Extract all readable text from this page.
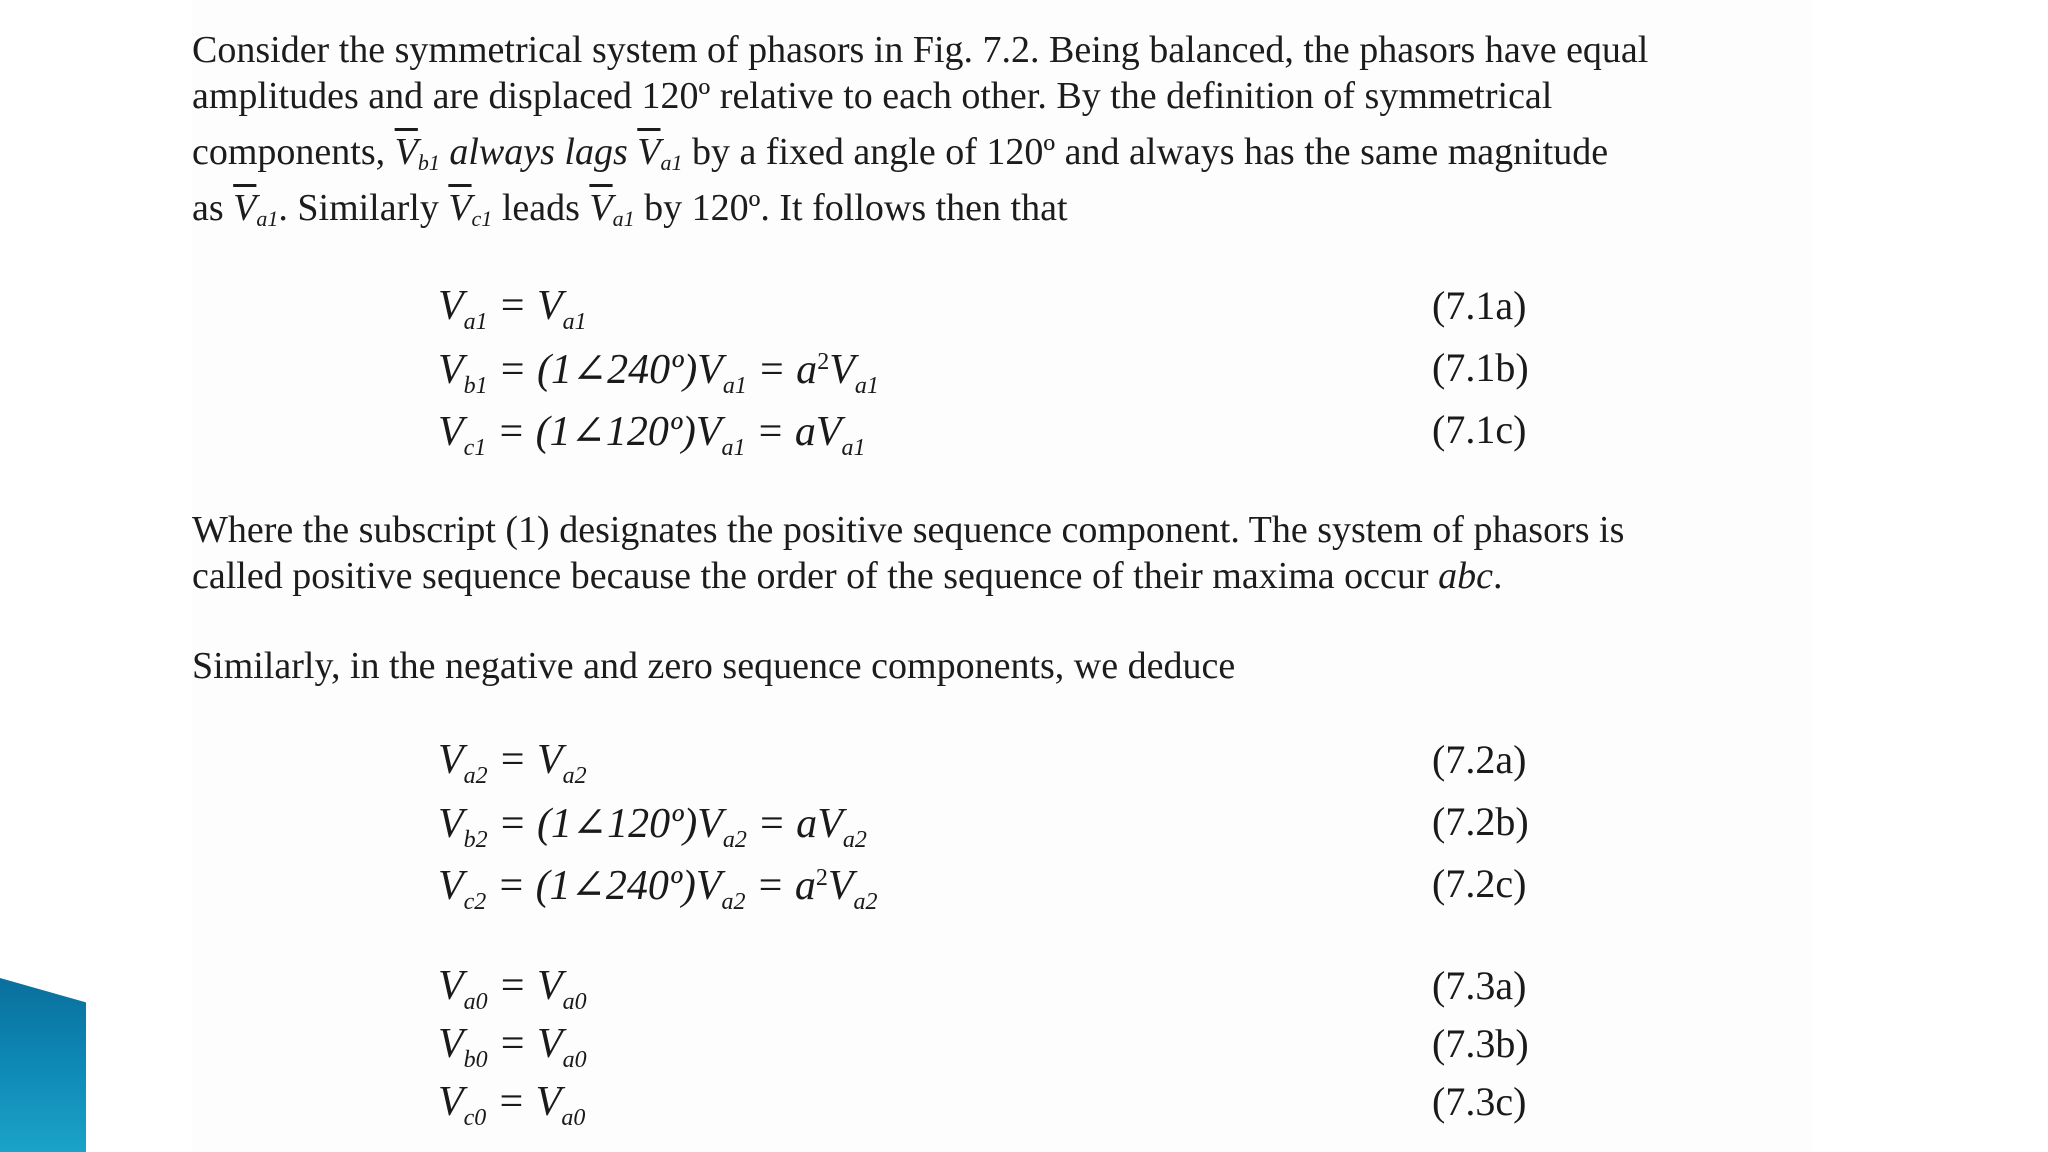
Consider the symmetrical system of phasors in Fig. 7.2. Being balanced, the phasors have equal
amplitudes and are displaced 120º relative to each other. By the definition of symmetrical
components, $\overline{V}_{b1}$ always lags $\overline{V}_{a1}$ by a fixed angle of 120º and always has the same magnitude
as $\overline{V}_{a1}$. Similarly $\overline{V}_{c1}$ leads $\overline{V}_{a1}$ by 120º. It follows then that

$V_{a1} = V_{a1}$	(7.1a)
$V_{b1}$ = $(1\angle 240º)V_{a1} = a^2V_{a1}$	(7.1b)
$V_{c1}$ = $(1\angle 120º)V_{a1} = aV_{a1}$	(7.1c)

Where the subscript (1) designates the positive sequence component. The system of phasors is
called positive sequence because the order of the sequence of their maxima occur abc.

Similarly, in the negative and zero sequence components, we deduce

$V_{a2} = V_{a2}$	(7.2a)
$V_{b2}$ = $(1\angle 120º)V_{a2} = aV_{a2}$	(7.2b)
$V_{c2}$ = $(1\angle 240º)V_{a2} = a^2V_{a2}$	(7.2c)
$V_{a0} = V_{a0}$	(7.3a)
$V_{b0} = V_{a0}$	(7.3b)
$V_{c0} = V_{a0}$	(7.3c)
